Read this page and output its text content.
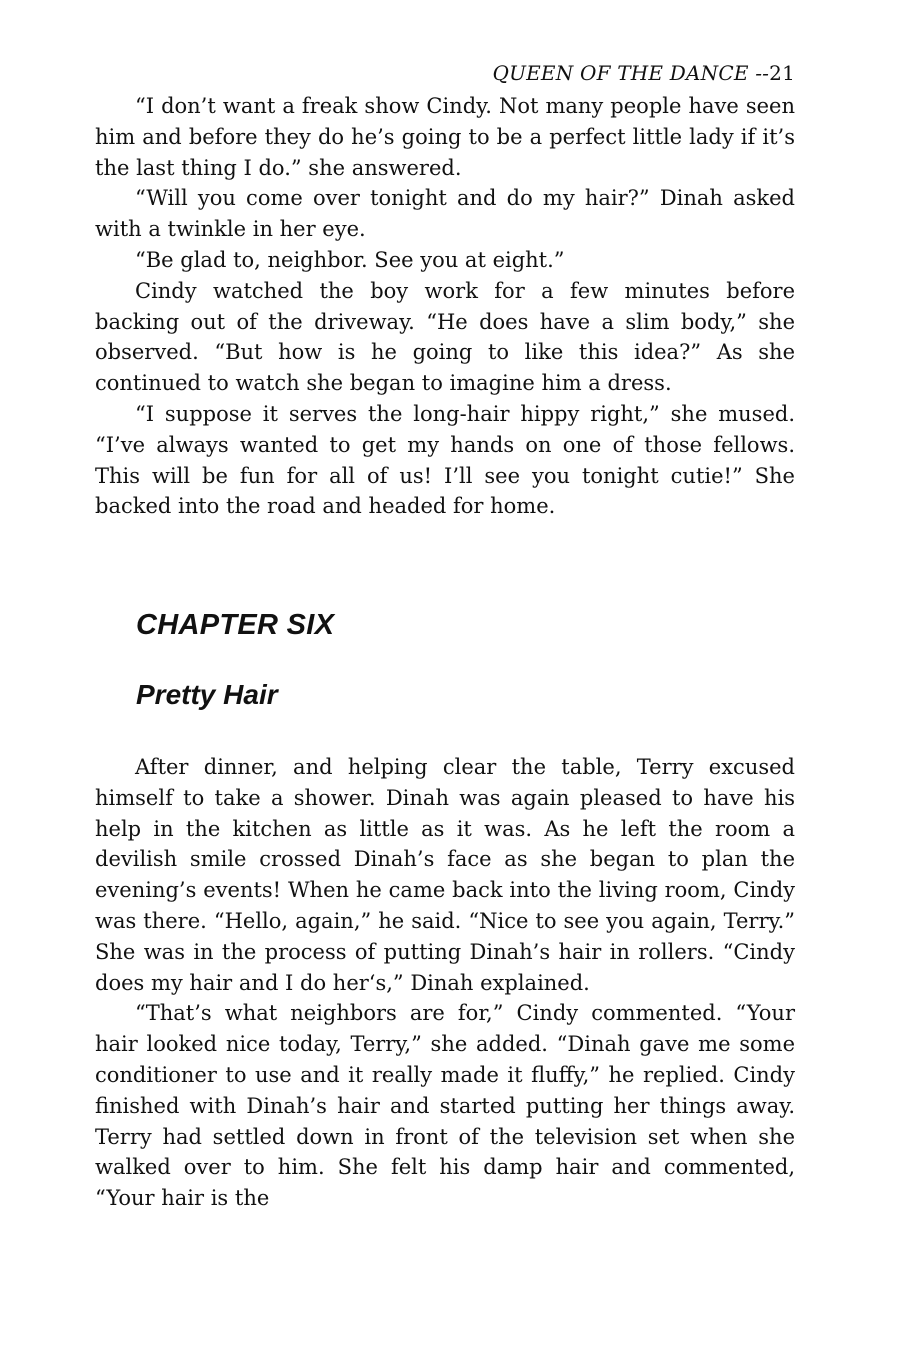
QUEEN OF THE DANCE --21

“I don’t want a freak show Cindy. Not many people have seen him and before they do he’s going to be a perfect little lady if it’s the last thing I do.” she answered.

“Will you come over tonight and do my hair?” Dinah asked with a twinkle in her eye.

“Be glad to, neighbor. See you at eight.”

Cindy watched the boy work for a few minutes before backing out of the driveway. “He does have a slim body,” she observed. “But how is he going to like this idea?” As she continued to watch she began to imagine him a dress.

“I suppose it serves the long-hair hippy right,” she mused. “I’ve always wanted to get my hands on one of those fellows. This will be fun for all of us! I’ll see you tonight cutie!” She backed into the road and headed for home.

CHAPTER SIX
Pretty Hair

After dinner, and helping clear the table, Terry excused himself to take a shower. Dinah was again pleased to have his help in the kitchen as little as it was. As he left the room a devilish smile crossed Dinah’s face as she began to plan the evening’s events! When he came back into the living room, Cindy was there. “Hello, again,” he said. “Nice to see you again, Terry.” She was in the process of putting Dinah’s hair in rollers. “Cindy does my hair and I do her‘s,” Dinah explained.

“That’s what neighbors are for,” Cindy commented. “Your hair looked nice today, Terry,” she added. “Dinah gave me some conditioner to use and it really made it fluffy,” he replied. Cindy finished with Dinah’s hair and started putting her things away. Terry had settled down in front of the television set when she walked over to him. She felt his damp hair and commented, “Your hair is the
